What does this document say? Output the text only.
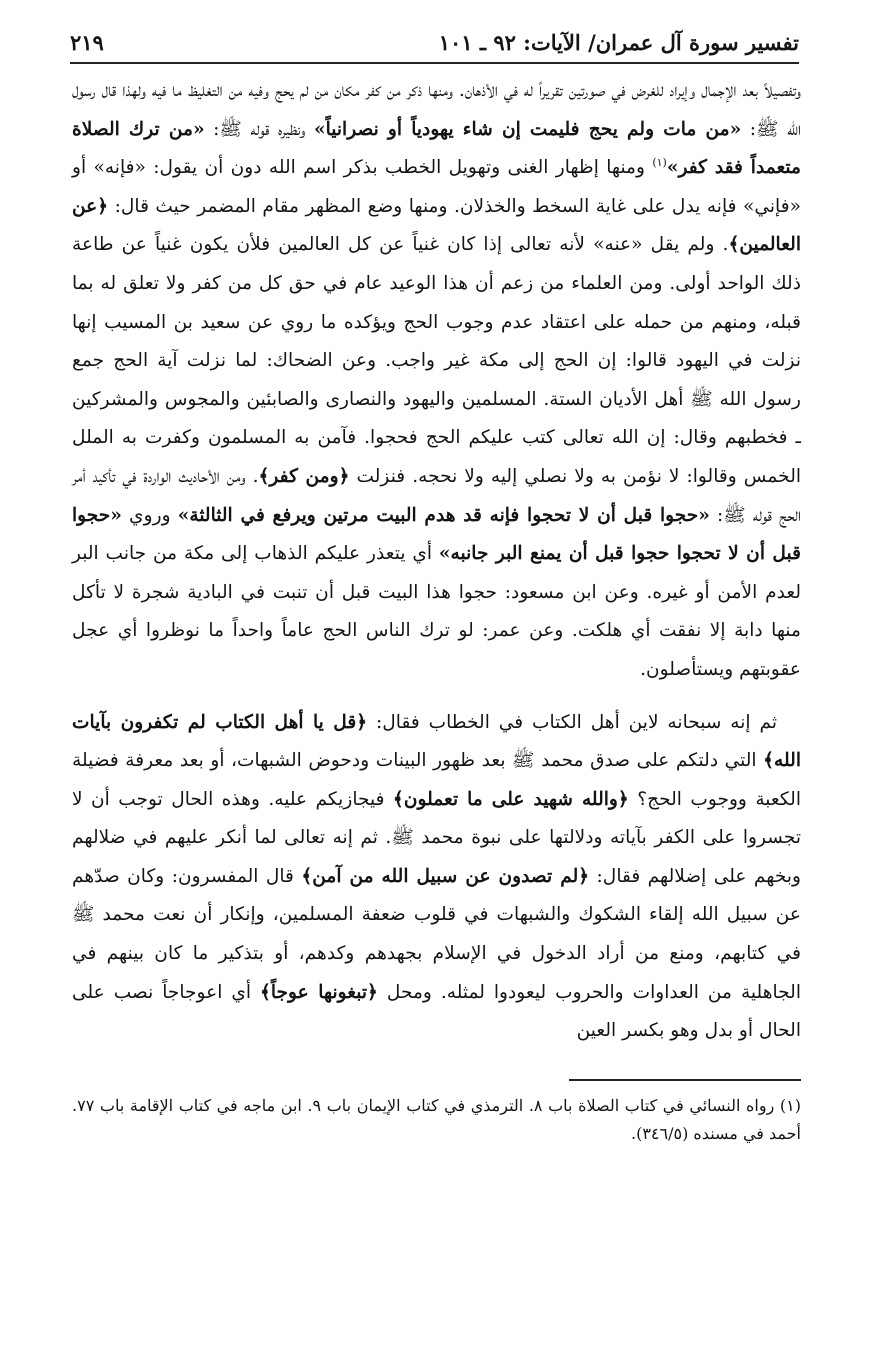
تفسير سورة آل عمران/ الآيات: ٩٢ ـ ١٠١
٢١٩

وتفصيلاً بعد الإجمال وإيراد للغرض في صورتين تقريراً له في الأذهان. ومنها ذكر من كفر مكان من لم يحج وفيه من التغليظ ما فيه ولهذا قال رسول الله ﷺ: «من مات ولم يحج فليمت إن شاء يهودياً أو نصرانياً» ونظيره قوله ﷺ: «من ترك الصلاة متعمداً فقد كفر»$^{(١)}$ ومنها إظهار الغنى وتهويل الخطب بذكر اسم الله دون أن يقول: «فإنه» أو «فإني» فإنه يدل على غاية السخط والخذلان. ومنها وضع المظهر مقام المضمر حيث قال: ﴿عن العالمين﴾. ولم يقل «عنه» لأنه تعالى إذا كان غنياً عن كل العالمين فلأن يكون غنياً عن طاعة ذلك الواحد أولى. ومن العلماء من زعم أن هذا الوعيد عام في حق كل من كفر ولا تعلق له بما قبله، ومنهم من حمله على اعتقاد عدم وجوب الحج ويؤكده ما روي عن سعيد بن المسيب إنها نزلت في اليهود قالوا: إن الحج إلى مكة غير واجب. وعن الضحاك: لما نزلت آية الحج جمع رسول الله ﷺ أهل الأديان الستة. المسلمين واليهود والنصارى والصابئين والمجوس والمشركين ـ فخطبهم وقال: إن الله تعالى كتب عليكم الحج فحجوا. فآمن به المسلمون وكفرت به الملل الخمس وقالوا: لا نؤمن به ولا نصلي إليه ولا نحجه. فنزلت ﴿ومن كفر﴾. ومن الأحاديث الواردة في تأكيد أمر الحج قوله ﷺ: «حجوا قبل أن لا تحجوا فإنه قد هدم البيت مرتين ويرفع في الثالثة» وروي «حجوا قبل أن لا تحجوا حجوا قبل أن يمنع البر جانبه» أي يتعذر عليكم الذهاب إلى مكة من جانب البر لعدم الأمن أو غيره. وعن ابن مسعود: حجوا هذا البيت قبل أن تنبت في البادية شجرة لا تأكل منها دابة إلا نفقت أي هلكت. وعن عمر: لو ترك الناس الحج عاماً واحداً ما نوظروا أي عجل عقوبتهم ويستأصلون.

ثم إنه سبحانه لاين أهل الكتاب في الخطاب فقال: ﴿قل يا أهل الكتاب لم تكفرون بآيات الله﴾ التي دلتكم على صدق محمد ﷺ بعد ظهور البينات ودحوض الشبهات، أو بعد معرفة فضيلة الكعبة ووجوب الحج؟ ﴿والله شهيد على ما تعملون﴾ فيجازيكم عليه. وهذه الحال توجب أن لا تجسروا على الكفر بآياته ودلالتها على نبوة محمد ﷺ. ثم إنه تعالى لما أنكر عليهم في ضلالهم وبخهم على إضلالهم فقال: ﴿لم تصدون عن سبيل الله من آمن﴾ قال المفسرون: وكان صدّهم عن سبيل الله إلقاء الشكوك والشبهات في قلوب ضعفة المسلمين، وإنكار أن نعت محمد ﷺ في كتابهم، ومنع من أراد الدخول في الإسلام بجهدهم وكدهم، أو بتذكير ما كان بينهم في الجاهلية من العداوات والحروب ليعودوا لمثله. ومحل ﴿تبغونها عوجاً﴾ أي اعوجاجاً نصب على الحال أو بدل وهو بكسر العين

(١) رواه النسائي في كتاب الصلاة باب ٨. الترمذي في كتاب الإيمان باب ٩. ابن ماجه في كتاب الإقامة باب ٧٧. أحمد في مسنده (٣٤٦/٥).
